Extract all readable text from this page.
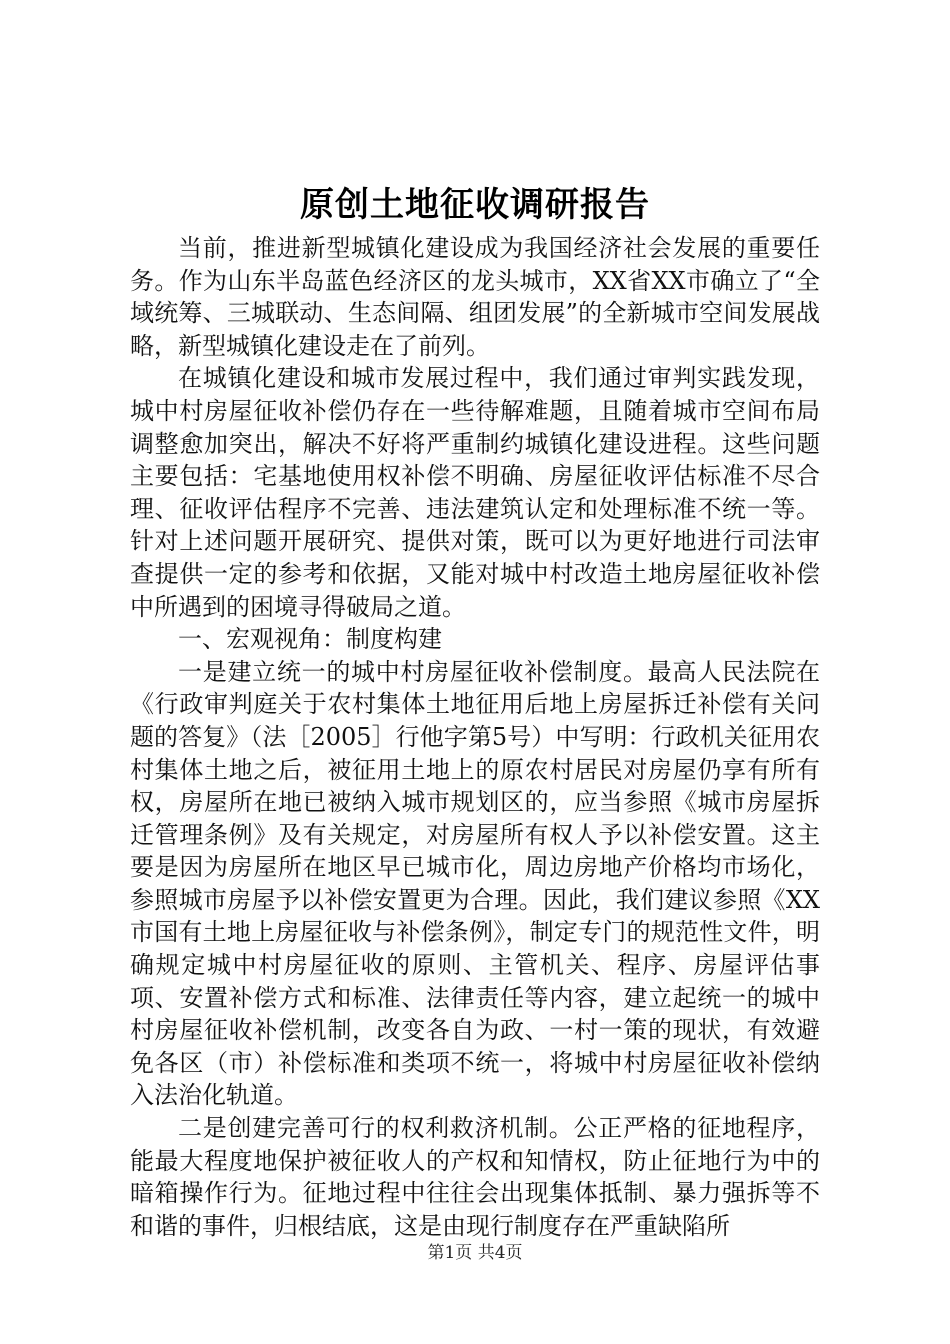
原创土地征收调研报告

当前，推进新型城镇化建设成为我国经济社会发展的重要任务。作为山东半岛蓝色经济区的龙头城市，XX省XX市确立了“全域统筹、三城联动、生态间隔、组团发展”的全新城市空间发展战略，新型城镇化建设走在了前列。

在城镇化建设和城市发展过程中，我们通过审判实践发现，城中村房屋征收补偿仍存在一些待解难题，且随着城市空间布局调整愈加突出，解决不好将严重制约城镇化建设进程。这些问题主要包括：宅基地使用权补偿不明确、房屋征收评估标准不尽合理、征收评估程序不完善、违法建筑认定和处理标准不统一等。针对上述问题开展研究、提供对策，既可以为更好地进行司法审查提供一定的参考和依据，又能对城中村改造土地房屋征收补偿中所遇到的困境寻得破局之道。

一、宏观视角：制度构建

一是建立统一的城中村房屋征收补偿制度。最高人民法院在《行政审判庭关于农村集体土地征用后地上房屋拆迁补偿有关问题的答复》（法［2005］行他字第5号）中写明：行政机关征用农村集体土地之后，被征用土地上的原农村居民对房屋仍享有所有权，房屋所在地已被纳入城市规划区的，应当参照《城市房屋拆迁管理条例》及有关规定，对房屋所有权人予以补偿安置。这主要是因为房屋所在地区早已城市化，周边房地产价格均市场化，参照城市房屋予以补偿安置更为合理。因此，我们建议参照《XX市国有土地上房屋征收与补偿条例》，制定专门的规范性文件，明确规定城中村房屋征收的原则、主管机关、程序、房屋评估事项、安置补偿方式和标准、法律责任等内容，建立起统一的城中村房屋征收补偿机制，改变各自为政、一村一策的现状，有效避免各区（市）补偿标准和类项不统一，将城中村房屋征收补偿纳入法治化轨道。

二是创建完善可行的权利救济机制。公正严格的征地程序，能最大程度地保护被征收人的产权和知情权，防止征地行为中的暗箱操作行为。征地过程中往往会出现集体抵制、暴力强拆等不和谐的事件，归根结底，这是由现行制度存在严重缺陷所

第1页 共4页
